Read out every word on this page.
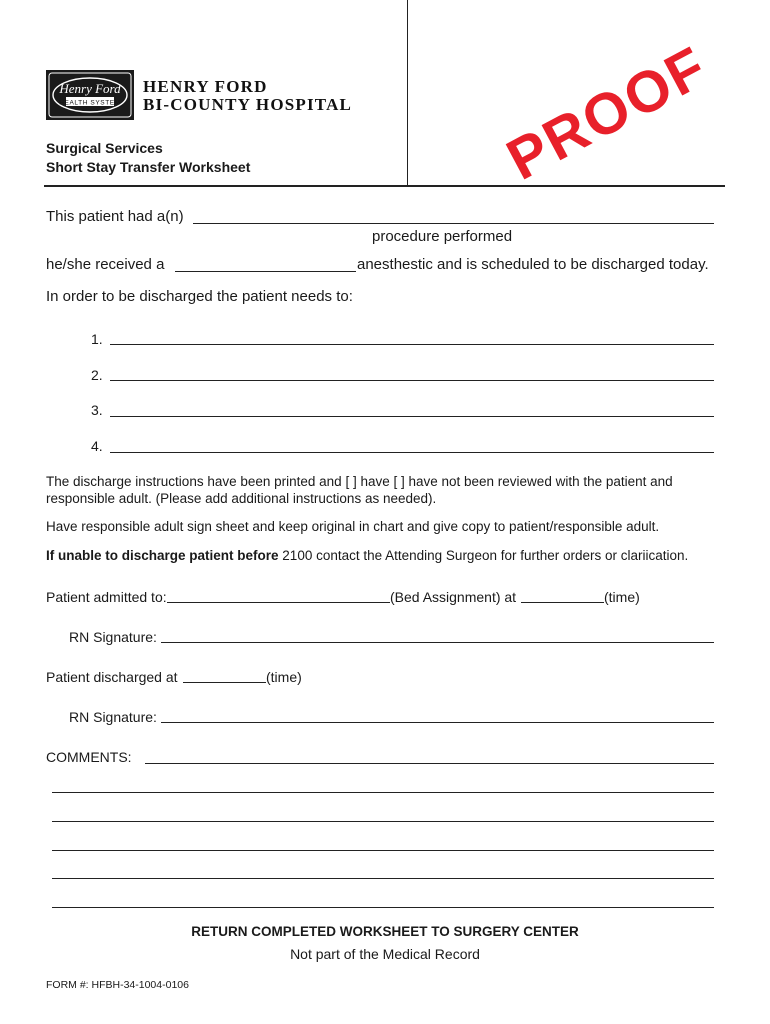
Henry Ford
HEALTH SYSTEM
HENRY FORD
BI-COUNTY HOSPITAL
Surgical Services
Short Stay Transfer Worksheet	PROOF
This patient had a(n)
procedure performed
he/she received a	anesthestic and is scheduled to be discharged today.
In order to be discharged the patient needs to:
1.
2.
3.
4.
The discharge instructions have been printed and [ ] have [ ] have not been reviewed with the patient and
responsible adult. (Please add additional instructions as needed).
Have responsible adult sign sheet and keep original in chart and give copy to patient/responsible adult.
If unable to discharge patient before 2100 contact the Attending Surgeon for further orders or clariication.
Patient admitted to:	(Bed Assignment) at	(time)
RN Signature:
Patient discharged at	(time)
RN Signature:
COMMENTS:
RETURN COMPLETED WORKSHEET TO SURGERY CENTER
Not part of the Medical Record
FORM #: HFBH-34-1004-0106
